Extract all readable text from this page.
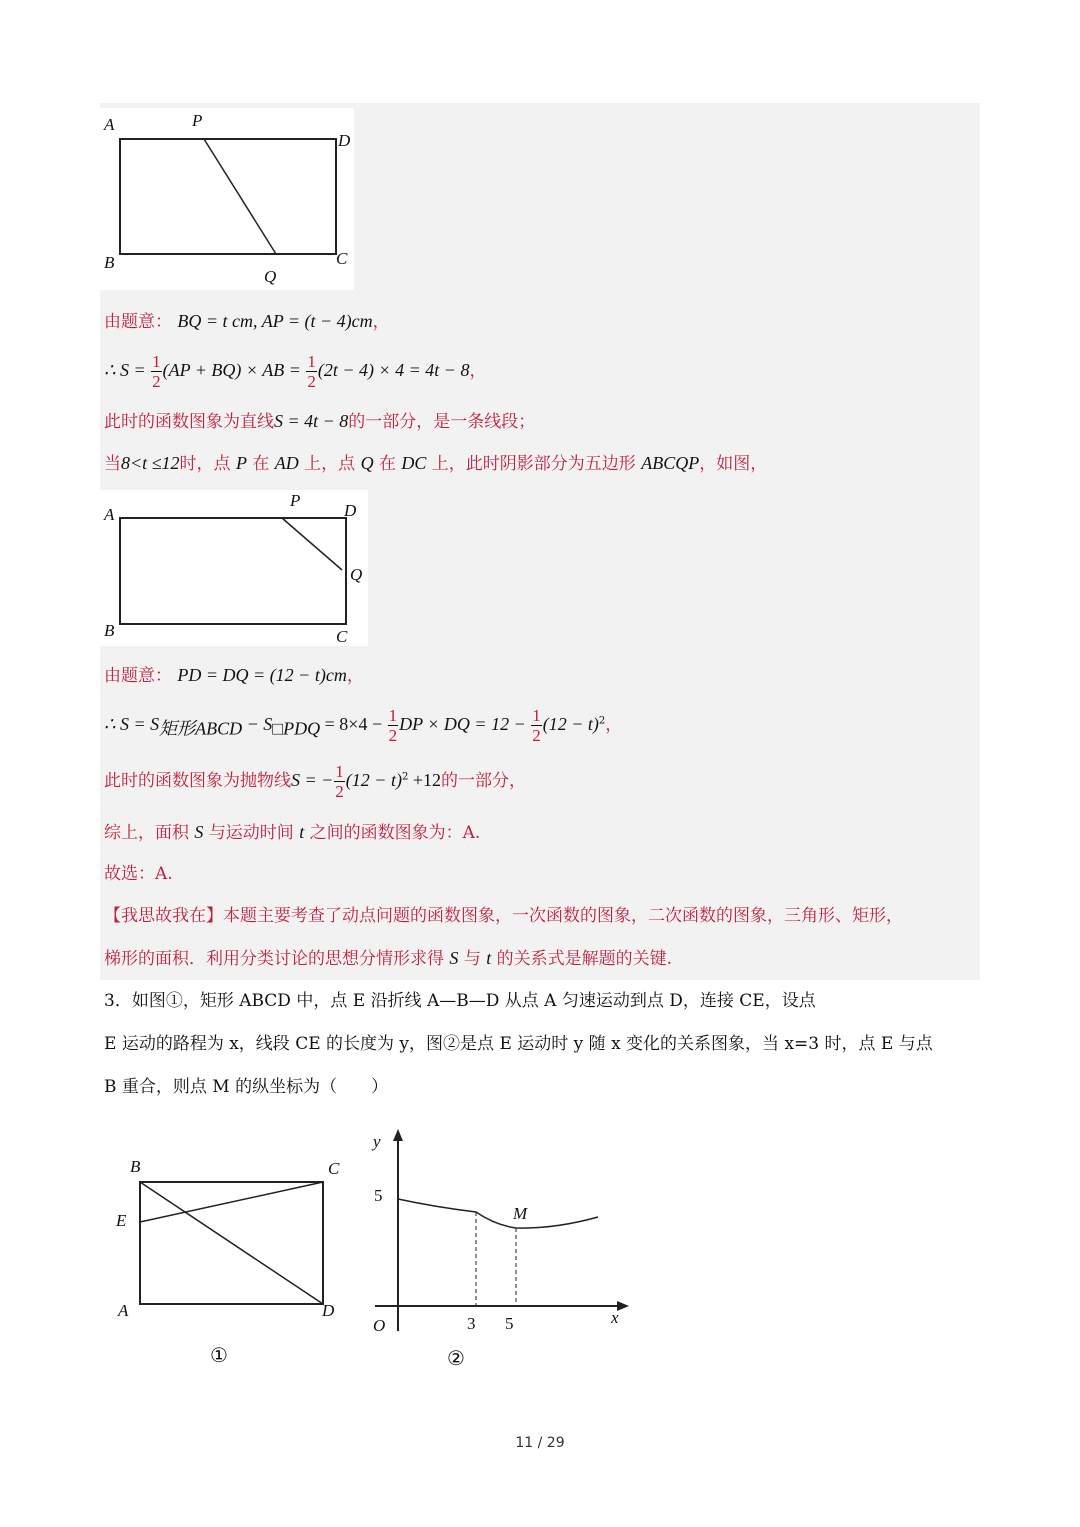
A	P
D
B
Q
C
由题意： BQ = t cm, AP = (t − 4)cm，
∴ $S = \frac{1}{2} (AP + BQ)$ × AB = $\frac{1}{2} (2t - 4) \times 4 = 4t - 8$，
此时的函数图象为直线S = 4t − 8的一部分，是一条线段；
当8<t ≤12时，点 P 在 AD 上，点 Q 在 DC 上，此时阴影部分为五边形 ABCQP，如图，
A
P
D
B
Q
C
由题意： PD = DQ = (12 − t)cm，
∴ $S = S_{矩形ABCD} - S_{□PDQ} = 8\times 4 - \frac{1}{2}$ DP × DQ = $12 - \frac{1}{2} (12 - t)^2$，
此时的函数图象为抛物线S = − $\frac{1}{2} (12 - t)^2 +12$的一部分，
综上，面积 S 与运动时间 t 之间的函数图象为：A.
故选：A.
【我思故我在】本题主要考查了动点问题的函数图象，一次函数的图象，二次函数的图象，三角形、矩形，
梯形的面积．利用分类讨论的思想分情形求得 S 与 t 的关系式是解题的关键.
3．如图①，矩形 ABCD 中，点 E 沿折线 A—B—D 从点 A 匀速运动到点 D，连接 CE，设点
E 运动的路程为 x，线段 CE 的长度为 y，图②是点 E 运动时 y 随 x 变化的关系图象，当 x=3 时，点 E 与点
B 重合，则点 M 的纵坐标为（　　）
B	C
E
A	D
①
y
5
M
O	3 5	x
②
11 / 29
